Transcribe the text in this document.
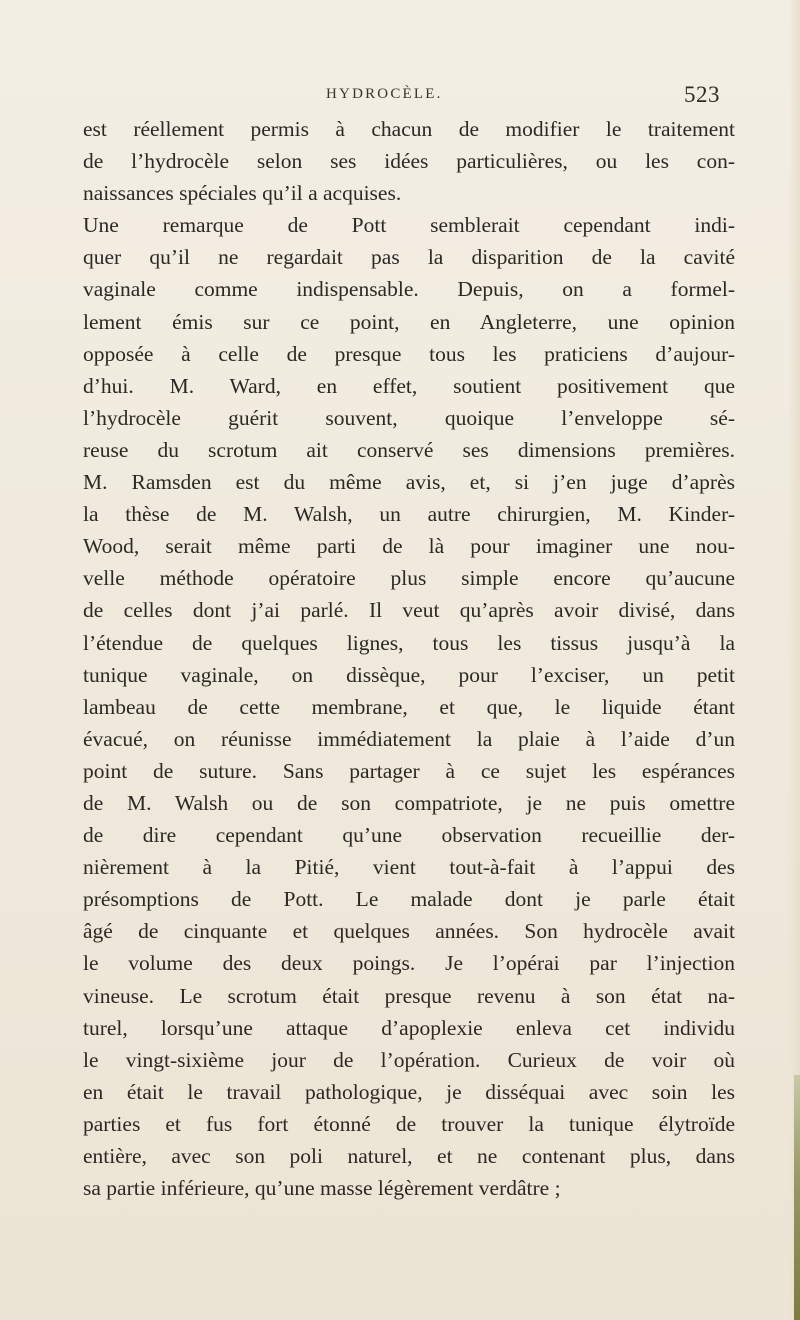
HYDROCÈLE.	523
est réellement permis à chacun de modifier le traitement
de l’hydrocèle selon ses idées particulières, ou les con-
naissances spéciales qu’il a acquises.
Une remarque de Pott semblerait cependant indi-
quer qu’il ne regardait pas la disparition de la cavité
vaginale comme indispensable. Depuis, on a formel-
lement émis sur ce point, en Angleterre, une opinion
opposée à celle de presque tous les praticiens d’aujour-
d’hui. M. Ward, en effet, soutient positivement que
l’hydrocèle guérit souvent, quoique l’enveloppe sé-
reuse du scrotum ait conservé ses dimensions premières.
M. Ramsden est du même avis, et, si j’en juge d’après
la thèse de M. Walsh, un autre chirurgien, M. Kinder-
Wood, serait même parti de là pour imaginer une nou-
velle méthode opératoire plus simple encore qu’aucune
de celles dont j’ai parlé. Il veut qu’après avoir divisé, dans
l’étendue de quelques lignes, tous les tissus jusqu’à la
tunique vaginale, on dissèque, pour l’exciser, un petit
lambeau de cette membrane, et que, le liquide étant
évacué, on réunisse immédiatement la plaie à l’aide d’un
point de suture. Sans partager à ce sujet les espérances
de M. Walsh ou de son compatriote, je ne puis omettre
de dire cependant qu’une observation recueillie der-
nièrement à la Pitié, vient tout-à-fait à l’appui des
présomptions de Pott. Le malade dont je parle était
âgé de cinquante et quelques années. Son hydrocèle avait
le volume des deux poings. Je l’opérai par l’injection
vineuse. Le scrotum était presque revenu à son état na-
turel, lorsqu’une attaque d’apoplexie enleva cet individu
le vingt-sixième jour de l’opération. Curieux de voir où
en était le travail pathologique, je disséquai avec soin les
parties et fus fort étonné de trouver la tunique élytroïde
entière, avec son poli naturel, et ne contenant plus, dans
sa partie inférieure, qu’une masse légèrement verdâtre ;
